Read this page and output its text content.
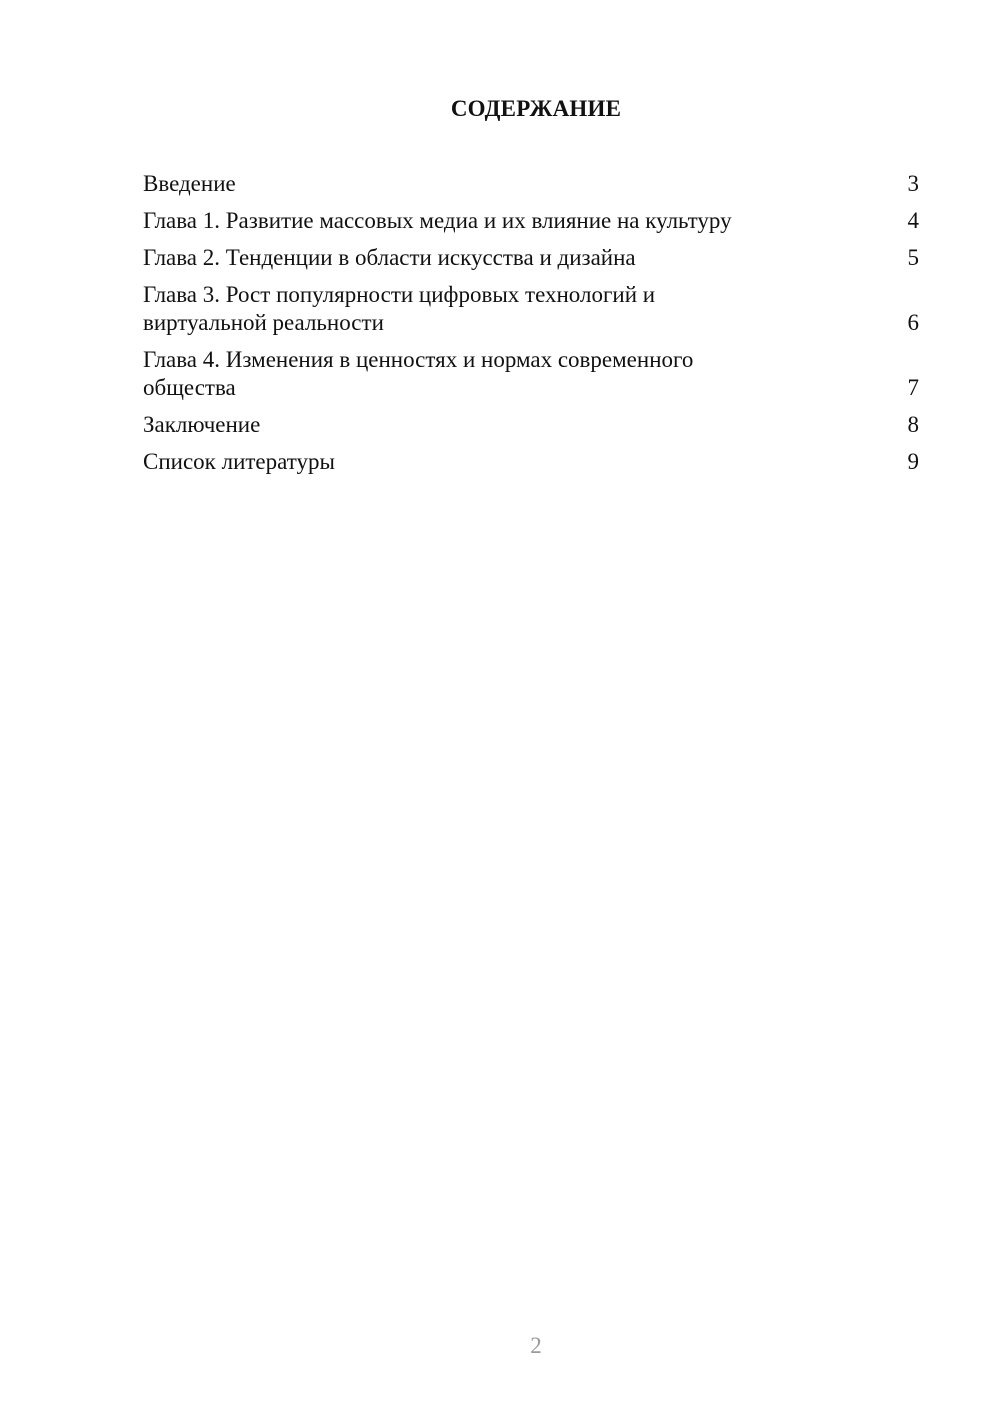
СОДЕРЖАНИЕ
Введение	3
Глава 1. Развитие массовых медиа и их влияние на культуру	4
Глава 2. Тенденции в области искусства и дизайна	5
Глава 3. Рост популярности цифровых технологий и виртуальной реальности	6
Глава 4. Изменения в ценностях и нормах современного общества	7
Заключение	8
Список литературы	9
2
